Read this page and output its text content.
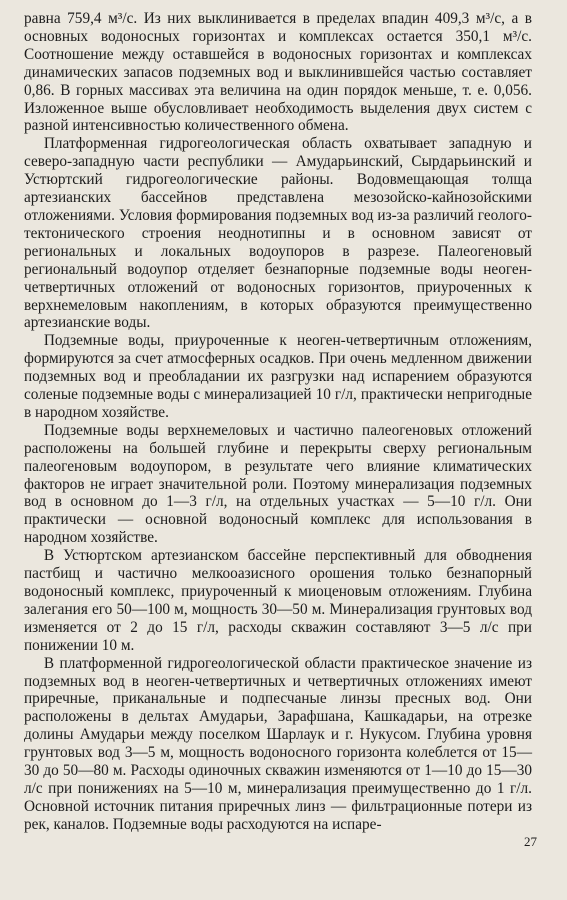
равна 759,4 м³/с. Из них выклинивается в пределах впадин 409,3 м³/с, а в основных водоносных горизонтах и комплексах остается 350,1 м³/с. Соотношение между оставшейся в водоносных горизонтах и комплексах динамических запасов подземных вод и выклинившейся частью составляет 0,86. В горных массивах эта величина на один порядок меньше, т. е. 0,056. Изложенное выше обусловливает необходимость выделения двух систем с разной интенсивностью количественного обмена.

Платформенная гидрогеологическая область охватывает западную и северо-западную части республики — Амударьинский, Сырдарьинский и Устюртский гидрогеологические районы. Водовмещающая толща артезианских бассейнов представлена мезозойско-кайнозойскими отложениями. Условия формирования подземных вод из-за различий геолого-тектонического строения неоднотипны и в основном зависят от региональных и локальных водоупоров в разрезе. Палеогеновый региональный водоупор отделяет безнапорные подземные воды неоген-четвертичных отложений от водоносных горизонтов, приуроченных к верхнемеловым накоплениям, в которых образуются преимущественно артезианские воды.

Подземные воды, приуроченные к неоген-четвертичным отложениям, формируются за счет атмосферных осадков. При очень медленном движении подземных вод и преобладании их разгрузки над испарением образуются соленые подземные воды с минерализацией 10 г/л, практически непригодные в народном хозяйстве.

Подземные воды верхнемеловых и частично палеогеновых отложений расположены на большей глубине и перекрыты сверху региональным палеогеновым водоупором, в результате чего влияние климатических факторов не играет значительной роли. Поэтому минерализация подземных вод в основном до 1—3 г/л, на отдельных участках — 5—10 г/л. Они практически — основной водоносный комплекс для использования в народном хозяйстве.

В Устюртском артезианском бассейне перспективный для обводнения пастбищ и частично мелкооазисного орошения только безнапорный водоносный комплекс, приуроченный к миоценовым отложениям. Глубина залегания его 50—100 м, мощность 30—50 м. Минерализация грунтовых вод изменяется от 2 до 15 г/л, расходы скважин составляют 3—5 л/с при понижении 10 м.

В платформенной гидрогеологической области практическое значение из подземных вод в неоген-четвертичных и четвертичных отложениях имеют приречные, приканальные и подпесчаные линзы пресных вод. Они расположены в дельтах Амударьи, Зарафшана, Кашкадарьи, на отрезке долины Амударьи между поселком Шарлаук и г. Нукусом. Глубина уровня грунтовых вод 3—5 м, мощность водоносного горизонта колеблется от 15—30 до 50—80 м. Расходы одиночных скважин изменяются от 1—10 до 15—30 л/с при понижениях на 5—10 м, минерализация преимущественно до 1 г/л. Основной источник питания приречных линз — фильтрационные потери из рек, каналов. Подземные воды расходуются на испаре-

27
